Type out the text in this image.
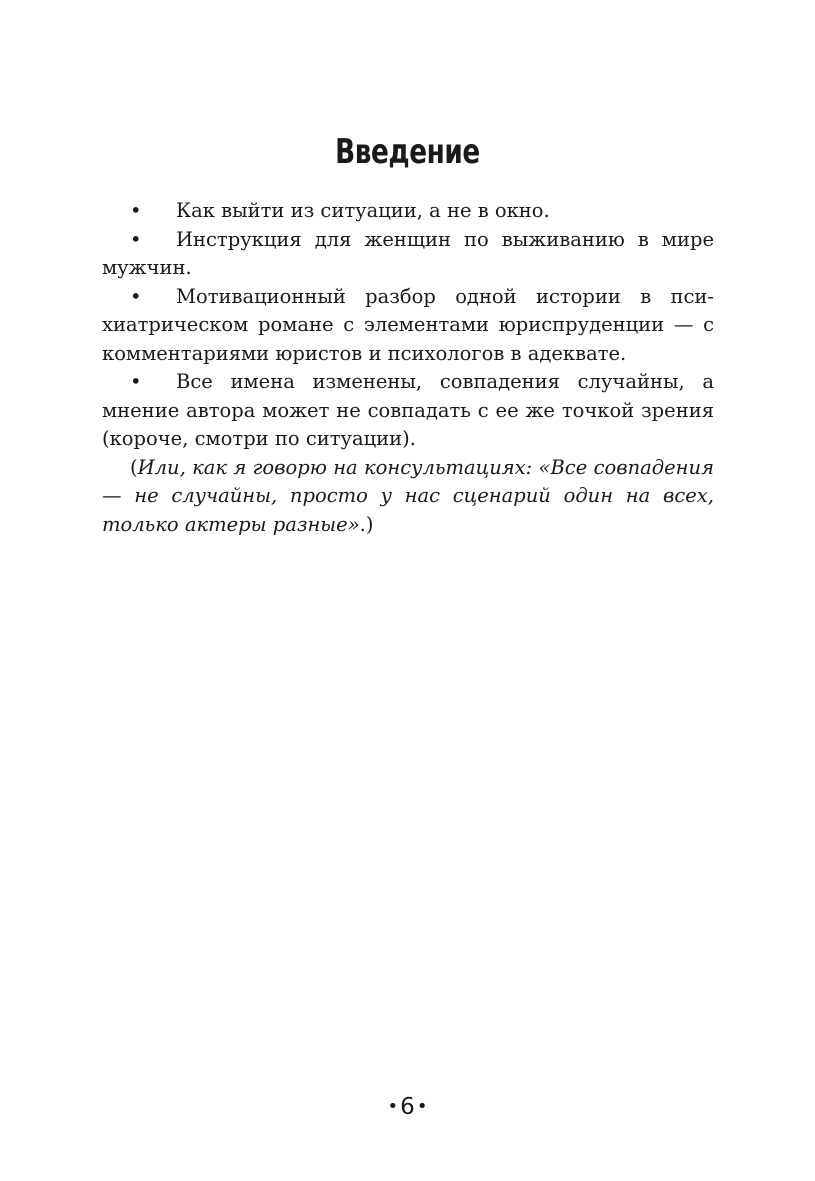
Введение

• Как выйти из ситуации, а не в окно.

• Инструкция для женщин по выживанию в мире мужчин.

• Мотивационный разбор одной истории в психиатрическом романе с элементами юриспруденции — с комментариями юристов и психологов в адеквате.

• Все имена изменены, совпадения случайны, а мнение автора может не совпадать с ее же точкой зрения (короче, смотри по ситуации).

(Или, как я говорю на консультациях: «Все совпадения — не случайны, просто у нас сценарий один на всех, только актеры разные».)

•6 •
